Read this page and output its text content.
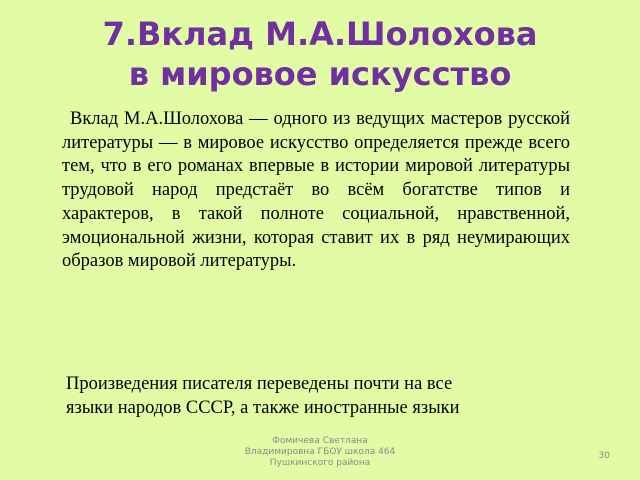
7.Вклад М.А.Шолохова
в мировое искусство

Вклад М.А.Шолохова — одного из ведущих мастеров русской литературы — в мировое искусство определяется прежде всего тем, что в его романах впервые в истории мировой литературы трудовой народ предстаёт во всём богатстве типов и характеров, в такой полноте социальной, нравственной, эмоциональной жизни, которая ставит их в ряд неумирающих образов мировой литературы.

Произведения писателя переведены почти на все
языки народов СССР, а также иностранные языки

Фомичева Светлана
Владимировна ГБОУ школа 464
Пушкинского района
30
